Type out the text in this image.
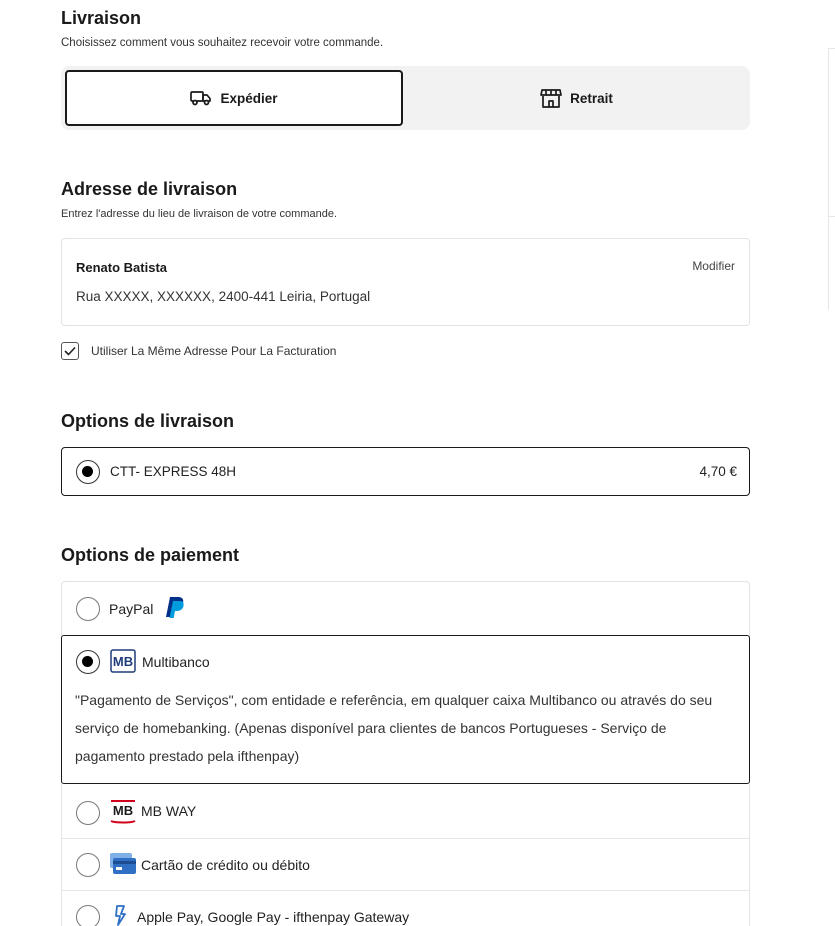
Livraison
Choisissez comment vous souhaitez recevoir votre commande.
Expédier	Retrait
Adresse de livraison
Entrez l'adresse du lieu de livraison de votre commande.
Renato Batista
Rua XXXXX, XXXXXX, 2400-441 Leiria, Portugal
Modifier
Utiliser La Même Adresse Pour La Facturation
Options de livraison
CTT- EXPRESS 48H	4,70 €
Options de paiement
PayPal
MB Multibanco
"Pagamento de Serviços", com entidade e referência, em qualquer caixa Multibanco ou através do seu serviço de homebanking. (Apenas disponível para clientes de bancos Portugueses - Serviço de pagamento prestado pela ifthenpay)
MB MB WAY
Cartão de crédito ou débito
Apple Pay, Google Pay - ifthenpay Gateway
